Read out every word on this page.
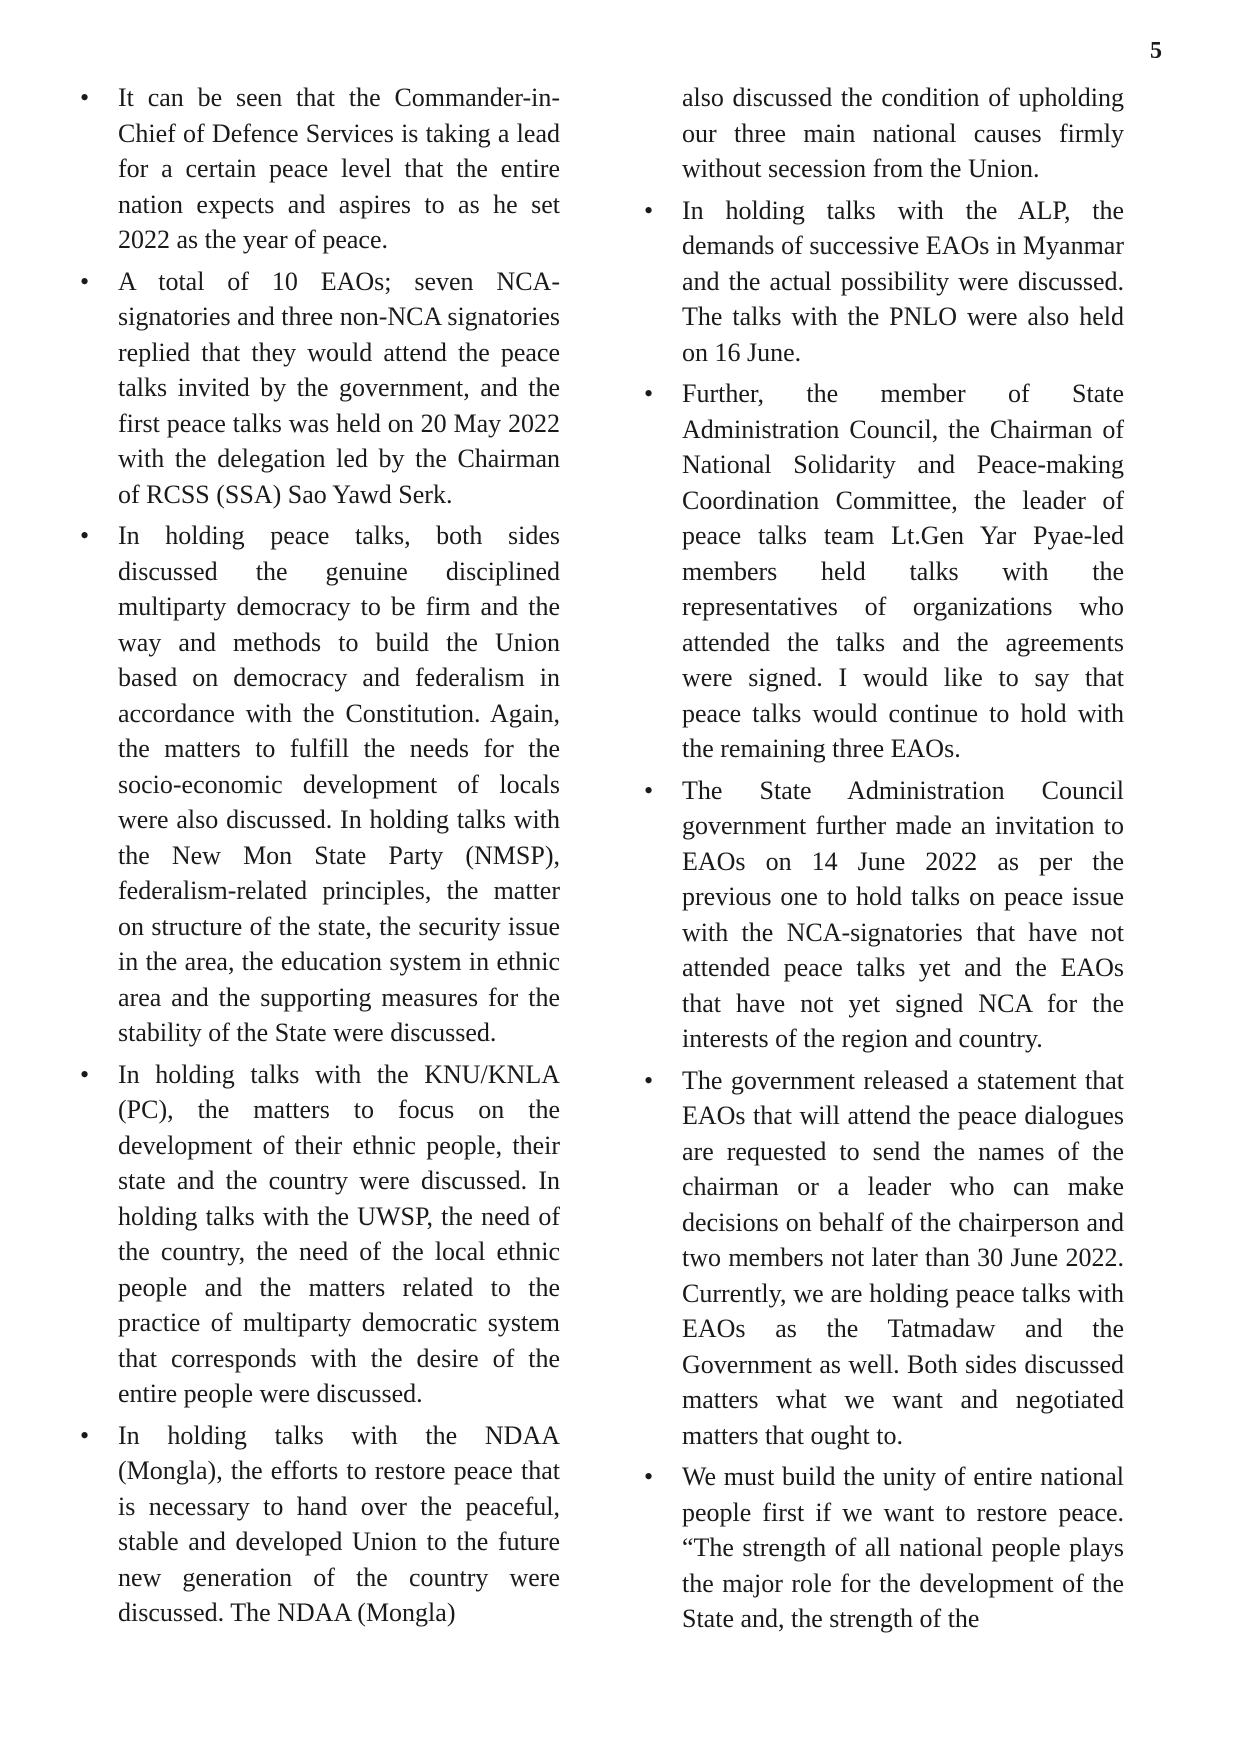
5
• It can be seen that the Commander-in-Chief of Defence Services is taking a lead for a certain peace level that the entire nation expects and aspires to as he set 2022 as the year of peace.
• A total of 10 EAOs; seven NCA-signatories and three non-NCA signatories replied that they would attend the peace talks invited by the government, and the first peace talks was held on 20 May 2022 with the delegation led by the Chairman of RCSS (SSA) Sao Yawd Serk.
• In holding peace talks, both sides discussed the genuine disciplined multiparty democracy to be firm and the way and methods to build the Union based on democracy and federalism in accordance with the Constitution. Again, the matters to fulfill the needs for the socio-economic development of locals were also discussed. In holding talks with the New Mon State Party (NMSP), federalism-related principles, the matter on structure of the state, the security issue in the area, the education system in ethnic area and the supporting measures for the stability of the State were discussed.
• In holding talks with the KNU/KNLA (PC), the matters to focus on the development of their ethnic people, their state and the country were discussed. In holding talks with the UWSP, the need of the country, the need of the local ethnic people and the matters related to the practice of multiparty democratic system that corresponds with the desire of the entire people were discussed.
• In holding talks with the NDAA (Mongla), the efforts to restore peace that is necessary to hand over the peaceful, stable and developed Union to the future new generation of the country were discussed. The NDAA (Mongla)
also discussed the condition of upholding our three main national causes firmly without secession from the Union.
• In holding talks with the ALP, the demands of successive EAOs in Myanmar and the actual possibility were discussed. The talks with the PNLO were also held on 16 June.
• Further, the member of State Administration Council, the Chairman of National Solidarity and Peace-making Coordination Committee, the leader of peace talks team Lt.Gen Yar Pyae-led members held talks with the representatives of organizations who attended the talks and the agreements were signed. I would like to say that peace talks would continue to hold with the remaining three EAOs.
• The State Administration Council government further made an invitation to EAOs on 14 June 2022 as per the previous one to hold talks on peace issue with the NCA-signatories that have not attended peace talks yet and the EAOs that have not yet signed NCA for the interests of the region and country.
• The government released a statement that EAOs that will attend the peace dialogues are requested to send the names of the chairman or a leader who can make decisions on behalf of the chairperson and two members not later than 30 June 2022. Currently, we are holding peace talks with EAOs as the Tatmadaw and the Government as well. Both sides discussed matters what we want and negotiated matters that ought to.
• We must build the unity of entire national people first if we want to restore peace. “The strength of all national people plays the major role for the development of the State and, the strength of the
